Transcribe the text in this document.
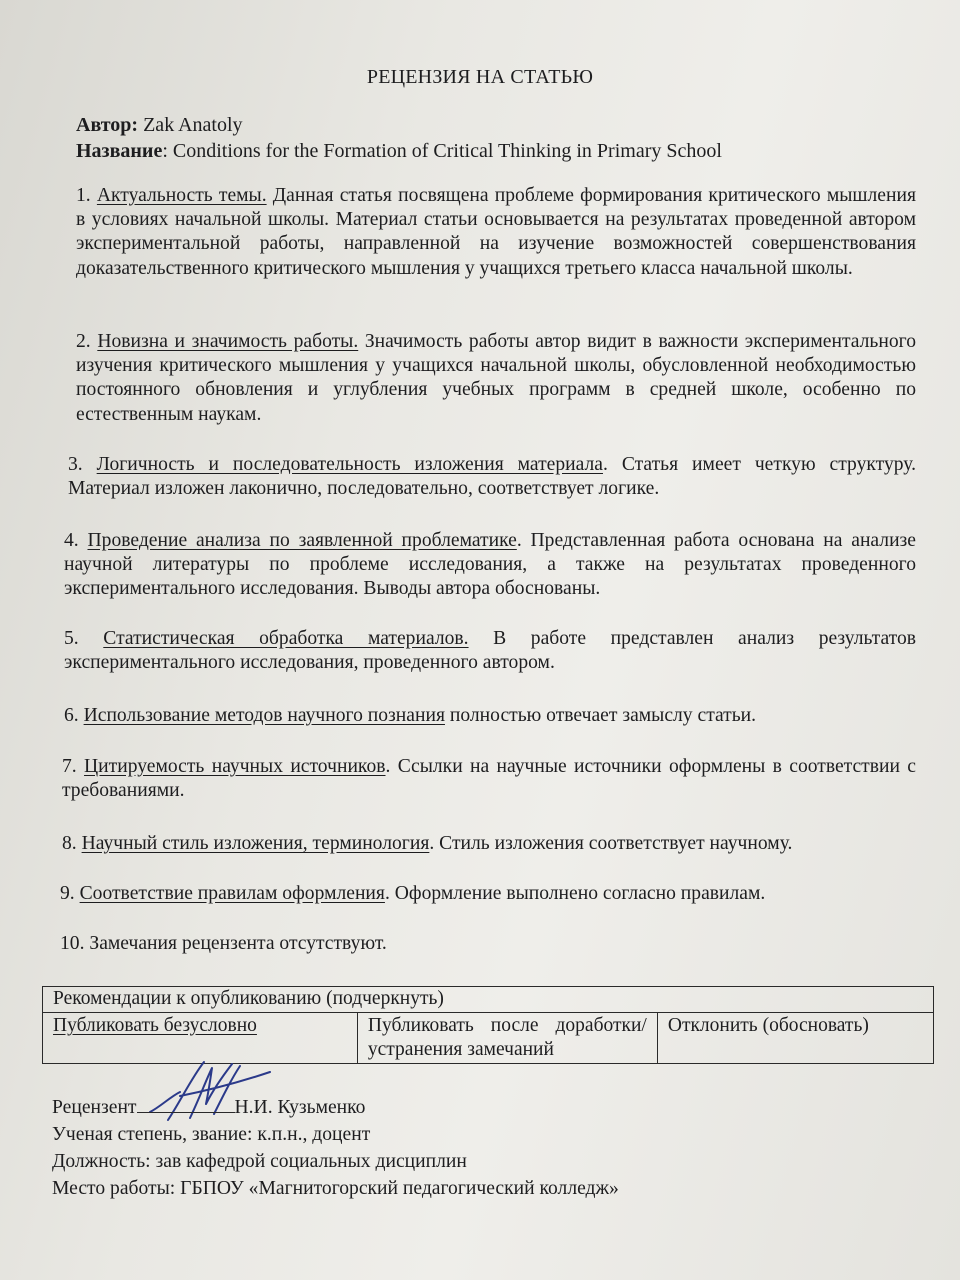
РЕЦЕНЗИЯ НА СТАТЬЮ
Автор: Zak Anatoly
Название: Conditions for the Formation of Critical Thinking in Primary School
1. Актуальность темы. Данная статья посвящена проблеме формирования критического мышления в условиях начальной школы. Материал статьи основывается на результатах проведенной автором экспериментальной работы, направленной на изучение возможностей совершенствования доказательственного критического мышления у учащихся третьего класса начальной школы.
2. Новизна и значимость работы. Значимость работы автор видит в важности экспериментального изучения критического мышления у учащихся начальной школы, обусловленной необходимостью постоянного обновления и углубления учебных программ в средней школе, особенно по естественным наукам.
3. Логичность и последовательность изложения материала. Статья имеет четкую структуру. Материал изложен лаконично, последовательно, соответствует логике.
4. Проведение анализа по заявленной проблематике. Представленная работа основана на анализе научной литературы по проблеме исследования, а также на результатах проведенного экспериментального исследования. Выводы автора обоснованы.
5. Статистическая обработка материалов. В работе представлен анализ результатов экспериментального исследования, проведенного автором.
6. Использование методов научного познания полностью отвечает замыслу статьи.
7. Цитируемость научных источников. Ссылки на научные источники оформлены в соответствии с требованиями.
8. Научный стиль изложения, терминология. Стиль изложения соответствует научному.
9. Соответствие правилам оформления. Оформление выполнено согласно правилам.
10. Замечания рецензента отсутствуют.
Рекомендации к опубликованию (подчеркнуть)
Публиковать безусловно	Публиковать после доработки/устранения замечаний	Отклонить (обосновать)
Рецензент	Н.И. Кузьменко
Ученая степень, звание: к.п.н., доцент
Должность: зав кафедрой социальных дисциплин
Место работы: ГБПОУ «Магнитогорский педагогический колледж»
